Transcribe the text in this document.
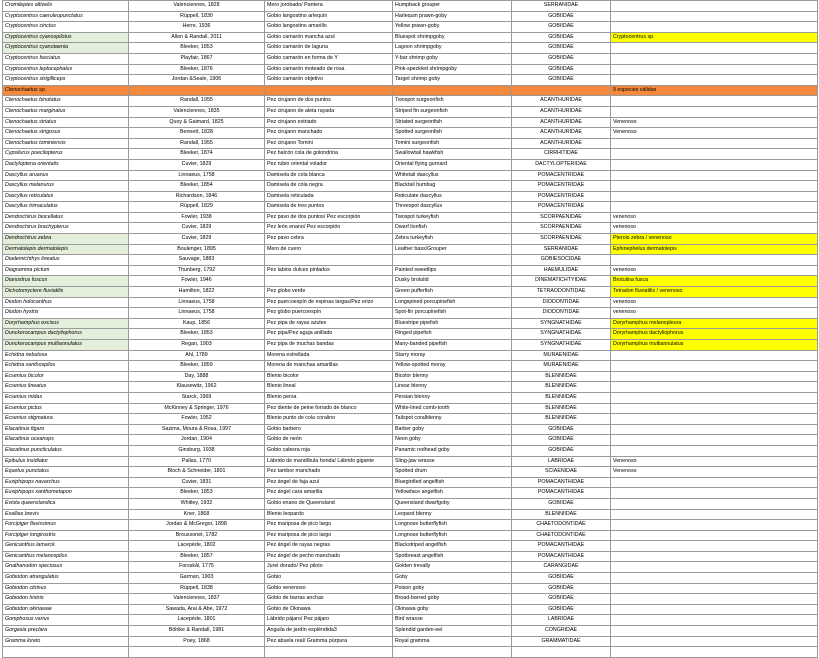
Cromileptes altivelis	Valenciennes, 1828	Mero jorobado/ Pantera	Humpback grouper	SERRANIDAE	
Cryptocentrus caeruleopunctatus	Rüppell, 1830	Gobio langostino arlequín	Harlequin prawn-goby	GOBIIDAE	
Cryptocentrus cinctus	Herre, 1936	Gobio langostino amarillo	Yellow prawn-goby	GOBIIDAE	
Cryptocentrus cyanospilotus	Allen & Randall, 2011	Gobio camarón mancha azul	Bluespot shrimpgoby	GOBIIDAE	Cryptocentrus sp.
Cryptocentrus cyanotaenia	Bleeker, 1853	Gobio camarón de laguna	Lagoon shrimpgoby	GOBIIDAE	
Cryptocentrus fasciatus	Playfair, 1867	Gobio camarón en forma de Y	Y-bar shrimp goby	GOBIIDAE	
Cryptocentrus leptocephalus	Bleeker, 1876	Gobio camarón moteado de rosa	Pink-speckled shrimpgoby	GOBIIDAE	
Cryptocentrus strigilliceps	Jordan &Seale, 1906	Gobio camarón objetivo	Target shrimp goby	GOBIIDAE	
Ctenochaetus sp.					9 especies válidas
Ctenochaetus binotatus	Randall, 1955	Pez cirujano de dos puntos	Twospot surgeonfish	ACANTHURIDAE	
Ctenochaetus marginatus	Valenciennes, 1835	Pez cirujano de aleta rayada	Striped fin surgeonfish	ACANTHURIDAE	
Ctenochaetus striatus	Quoy & Gaimard, 1825	Pez cirujano estriado	Striated surgeonfish	ACANTHURIDAE	Venenoso
Ctenochaetus strigosus	Bennett, 1828	Pez cirujano manchado	Spotted surgeonfish	ACANTHURIDAE	Venenoso
Ctenochaetus tominiensis	Randall, 1955	Pez cirujano Tomini	Tomini surgeonfish	ACANTHURIDAE	
Cypsilurus poecilopterus	Bleeker, 1874	Pez halcón cola de golondrina	Swallowtail hawkfish	CIRRHITIDAE	
Dactyloptena orientalis	Cuvier, 1829	Pez rubio oriental volador	Oriental flying gurnard	DACTYLOPTERIDAE	
Dascyllus aruanus	Linnaeus, 1758	Damisela de cola blanca	Whitetail dascyllus	POMACENTRIDAE	
Dascyllus melanurus	Bleeker, 1854	Damisela de cola negra	Blacktail humbug	POMACENTRIDAE	
Dascyllus reticulatus	Richardson, 1846	Damisela reticulada	Reticulate dascyllus	POMACENTRIDAE	
Dascyllus trimaculatus	Rüppell, 1829	Damisela de tres puntos	Threespot dascyllus	POMACENTRIDAE	
Dendrochirus biocellatus	Fowler, 1938	Pez pavo de dos puntos/ Pez escorpión	Twospot turkeyfish	SCORPAENIDAE	venenoso
Dendrochirus brachypterus	Cuvier, 1829	Pez león enano/ Pez escorpión	Dwarf lionfish	SCORPAENIDAE	venenoso
Dendrochirus zebra	Cuvier, 1829	Pez pavo cebra	Zebra turkeyfish	SCORPAENIDAE	Pterois zebra / venenoso
Dermatolepis dermatolepis	Boulenger, 1895	Mero de cuero	Leather bass/Grouper	SERRANIDAE	Ephinephelus dermatolepis
Diademichthys lineatus	Sauvage, 1883			GOBIESOCIDAE	
Diagramma pictum	Thunberg, 1792	Pez labios dulces pintados	Painted sweetlips	HAEMULIDAE	venenoso
Dianostrus fuscus	Fowler, 1946		Dusky brotulid	DINEMATICHTYIDAE	Brotulina fusca
Dichotomyctere fluviatilis	Hamilton, 1822	Pez globo verde	Green pufferfish	TETRAODONTIDAE	Tetradon fluviatilis / venenoso
Diodon holocanthus	Linnaeus, 1758	Pez puercoespín de espinas largas/Pez erizo	Longspined porcupinefish	DIODONTIDAE	venenoso
Diodon hystrix	Linnaeus, 1758	Pez globo puercoespín	Spot-fin porcupinefish	DIODONTIDAE	venenoso
Doryrhamphus excisus	Kaup, 1856	Pez pipa de rayas azules	Bluestripe pipefish	SYNGNATHIDAE	Doryrhamphus melanopleura
Dunckerocampus dactyliophorus	Bleeker, 1853	Pez pipa/Pez aguja anillado	Ringed pipefish	SYNGNATHIDAE	Doryrhamphus dactyliophorus
Dunckerocampus multiannulatus	Regan, 1903	Pez pipa de muchas bandas	Many-banded pipefish	SYNGNATHIDAE	Doryrhamphus multiannulatus
Echidna nebulosa	Ahl, 1789	Morena estrellada	Starry moray	MURAENIDAE	
Echidna xanthospilos	Bleeker, 1859	Morena de manchas amarillas	Yellow-spotted moray	MURAENIDAE	
Ecsenius bicolor	Day, 1888	Blenio bicolor	Bicolor blenny	BLENNIIDAE	
Ecsenius lineatus	Klausewitz, 1962	Blenio lineal	Linear blenny	BLENNIIDAE	
Ecsenius midas	Starck, 1969	Blenio persa	Persian blenny	BLENNIIDAE	
Ecsenius pictus	McKinney & Springer, 1976	Pez diente de peine forrado de blanco	White-lined comb-tooth	BLENNIIDAE	
Ecsenius stigmatura	Fowler, 1952	Blenio punto de cola coralino	Tailspot coralblenny	BLENNIIDAE	
Elacatinus figaro	Sazima, Moura & Rosa, 1997	Gobio barbero	Barber goby	GOBIIDAE	
Elacatinus oceanops	Jordan, 1904	Gobio de neón	Neon goby	GOBIIDAE	
Elacatinus puncticulatus	Ginsburg, 1938	Gobio cabeza roja	Panamic redhead goby	GOBIIDAE	
Epibulus insidiator	Pallas, 1770	Lábrido de mandíbula honda/ Lábrido gigante	Sling-jaw wrasse	LABRIDAE	Venenoso
Equetus punctatus	Bloch & Schneider, 1801	Pez tambor manchado	Spotted drum	SCIAENIDAE	Venenoso
Euxiphipops navarchus	Cuvier, 1831	Pez ángel de faja azul	Bluegirdled angelfish	POMACANTHIDAE	
Euxiphipops xanthometapon	Bleeker, 1853	Pez ángel cara amarilla	Yellowface angelfish	POMACANTHIDAE	
Eviota queenslandica	Whitley, 1932	Gobio enano de Queensland	Queensland dwarfgoby	GOBIIDAE	
Exallias brevis	Kner, 1868	Blenio leopardo	Leopard blenny	BLENNIIDAE	
Forcipiger flavissimus	Jordan & McGregor, 1898	Pez mariposa de pico largo	Longnose butterflyfish	CHAETODONTIDAE	
Forcipiger longirostris	Broussonet, 1782	Pez mariposa de pico largo	Longnose butterflyfish	CHAETODONTIDAE	
Genicanthus lamarck	Lacepède, 1802	Pez ángel de rayas negras	Blackstriped angelfish	POMACANTHIDAE	
Genicanthus melanospilos	Bleeker, 1857	Pez ángel de pecho manchado	Spotbreast angelfish	POMACANTHIDAE	
Gnathanodon speciosus	Forsskål, 1775	Jurel dorado/ Pez piloto	Golden trevally	CARANGIDAE	
Gobiodon atrangulatus	Garman, 1903	Gobio	Goby	GOBIIDAE	
Gobiodon citrinus	Rüppell, 1838	Gobio venenoso	Poison goby	GOBIIDAE	
Gobiodon histrio	Valenciennes, 1837	Gobio de barras anchas	Broad-barred goby	GOBIIDAE	
Gobiodon okinawae	Sawada, Arai & Abe, 1972	Gobio de Okinawa	Okinawa goby	GOBIIDAE	
Gomphosus varius	Lacepède, 1801	Lábrido pájaro/ Pez pájaro	Bird wrasse	LABRIDAE	
Gorgasia preclara	Böhlke & Randall, 1981	Anguila de jardín espléndida3	Splendid garden-eel	CONGRIDAE	
Gramma loreto	Poey, 1868	Pez abuela real/ Gramma púrpura	Royal gramma	GRAMMATIDAE	
